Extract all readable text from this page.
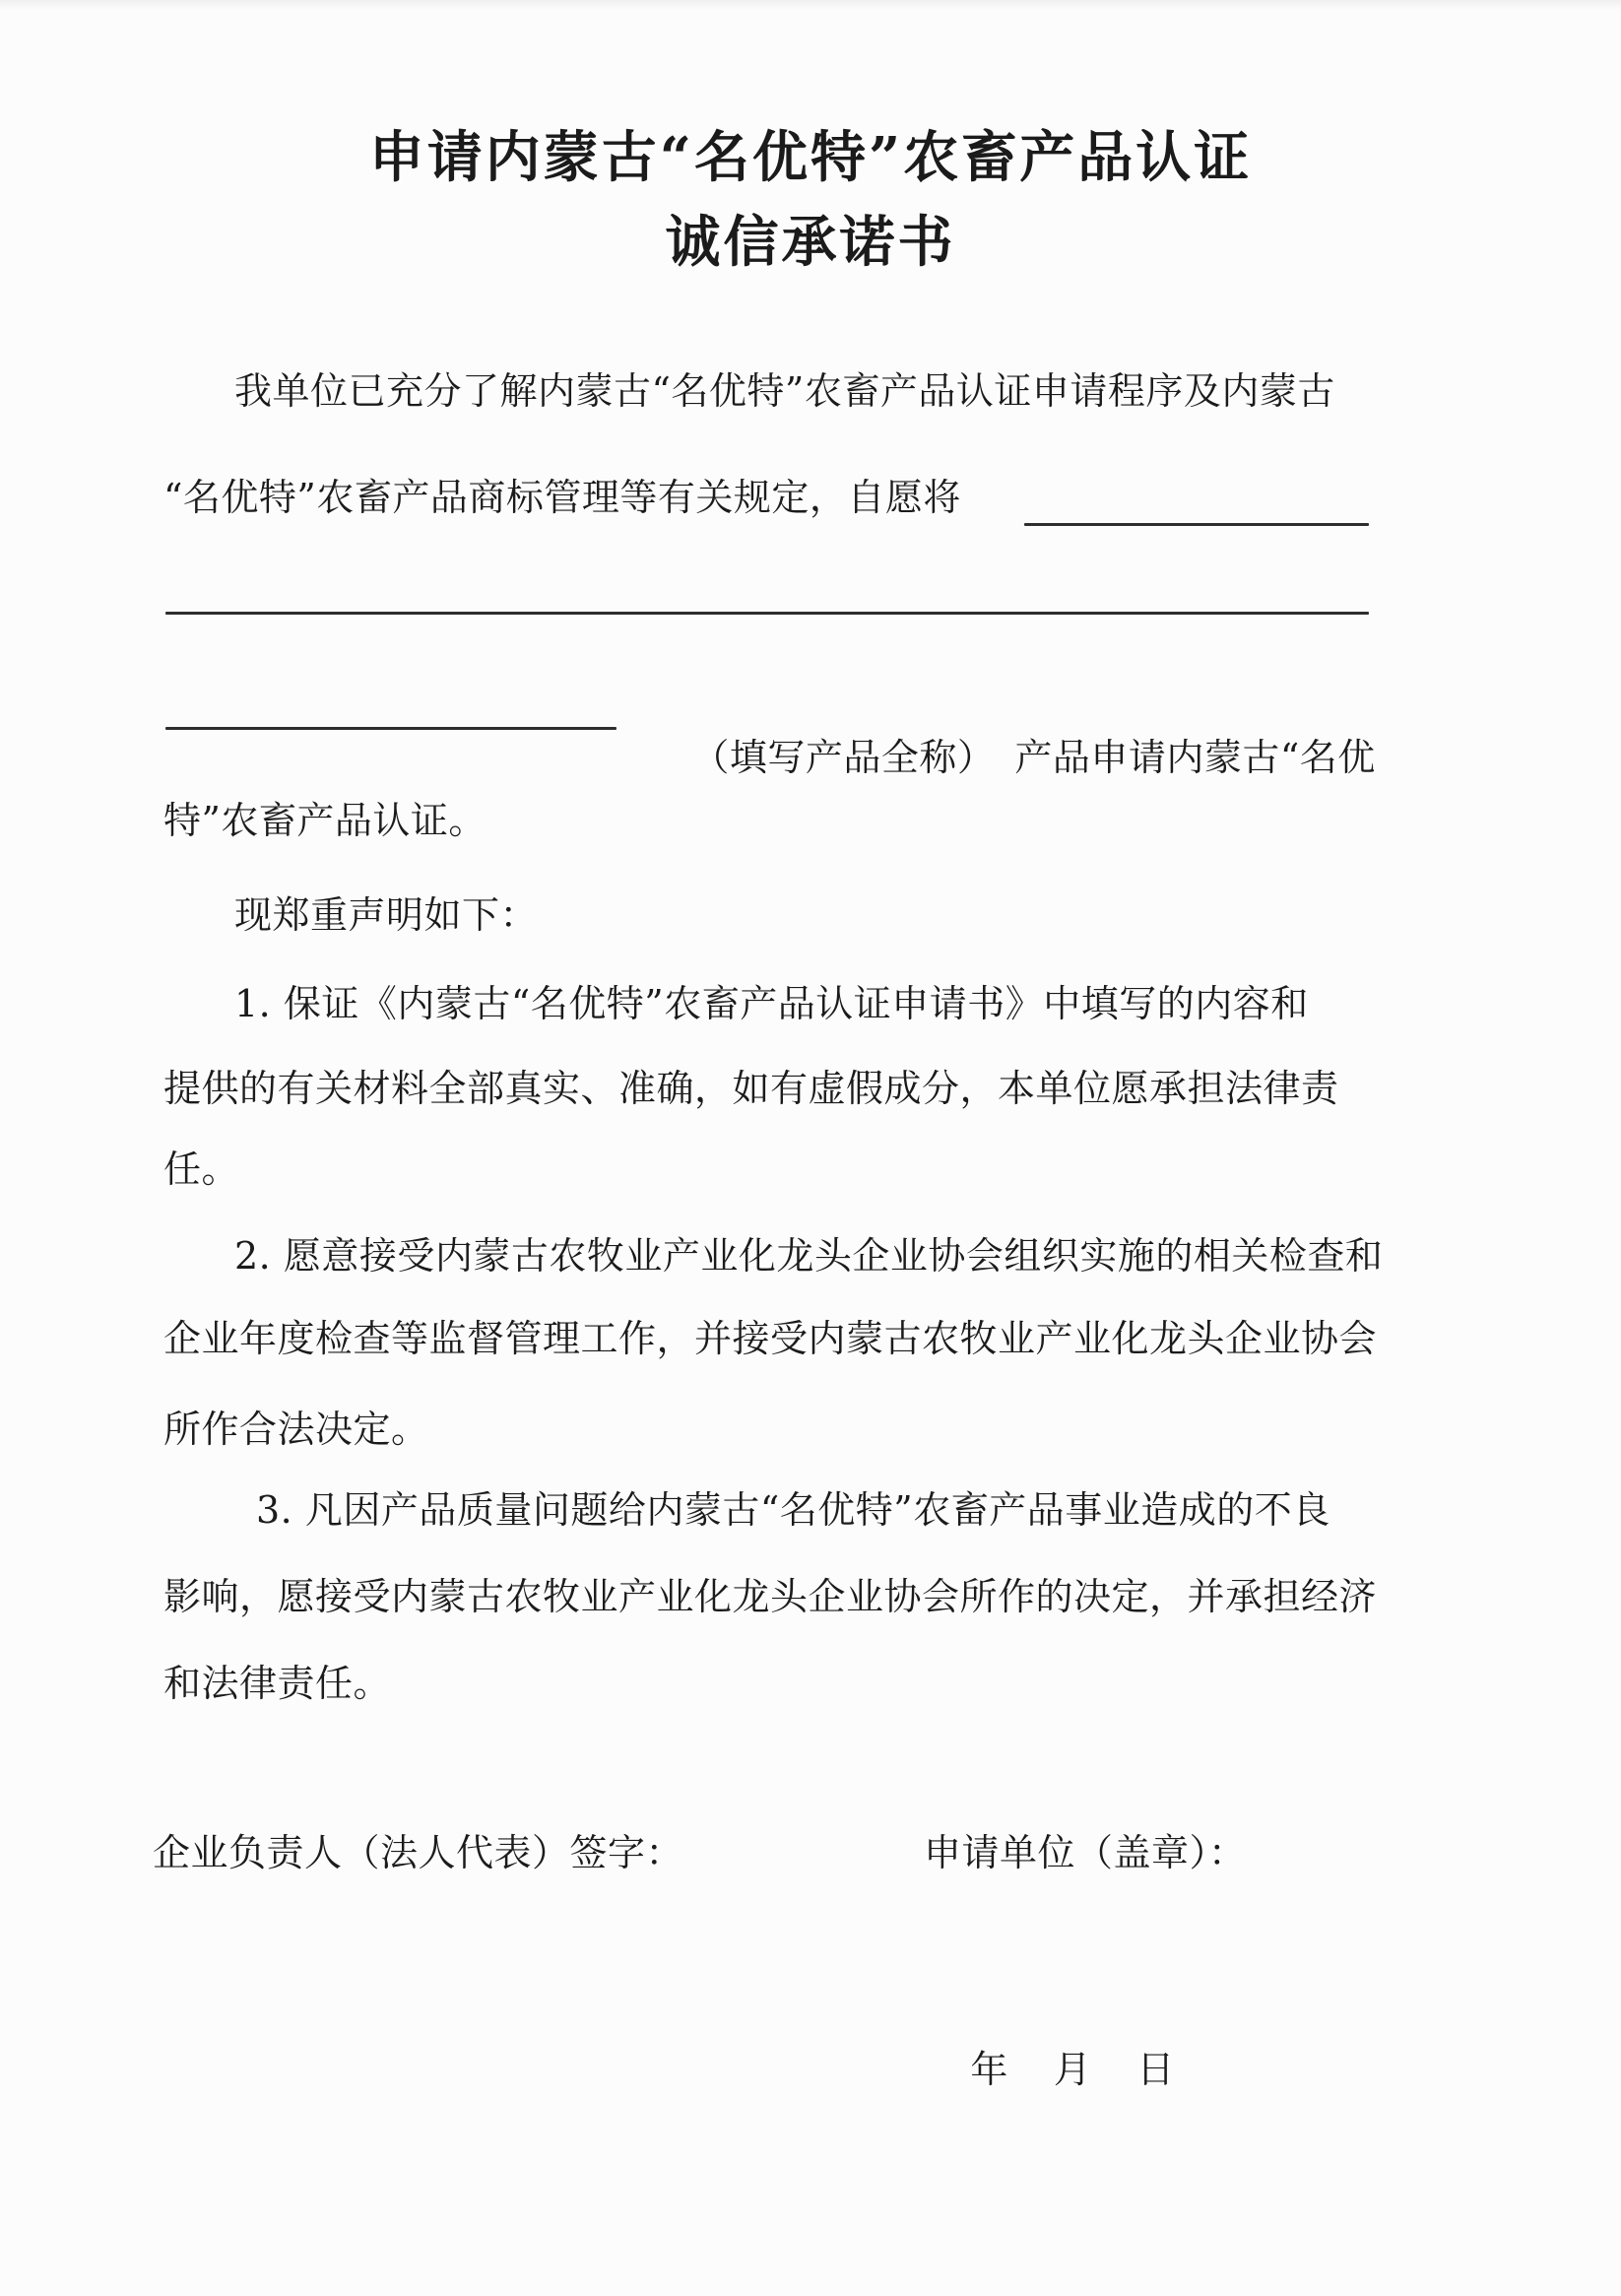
申请内蒙古“名优特”农畜产品认证
诚信承诺书
我单位已充分了解内蒙古“名优特”农畜产品认证申请程序及内蒙古
“名优特”农畜产品商标管理等有关规定，自愿将

（填写产品全称） 产品申请内蒙古“名优

特”农畜产品认证。
现郑重声明如下：
1. 保证《内蒙古“名优特”农畜产品认证申请书》中填写的内容和
提供的有关材料全部真实、准确，如有虚假成分，本单位愿承担法律责
任。
2. 愿意接受内蒙古农牧业产业化龙头企业协会组织实施的相关检查和
企业年度检查等监督管理工作，并接受内蒙古农牧业产业化龙头企业协会
所作合法决定。
3. 凡因产品质量问题给内蒙古“名优特”农畜产品事业造成的不良
影响，愿接受内蒙古农牧业产业化龙头企业协会所作的决定，并承担经济
和法律责任。
企业负责人（法人代表）签字：	申请单位（盖章）：

年 月 日
